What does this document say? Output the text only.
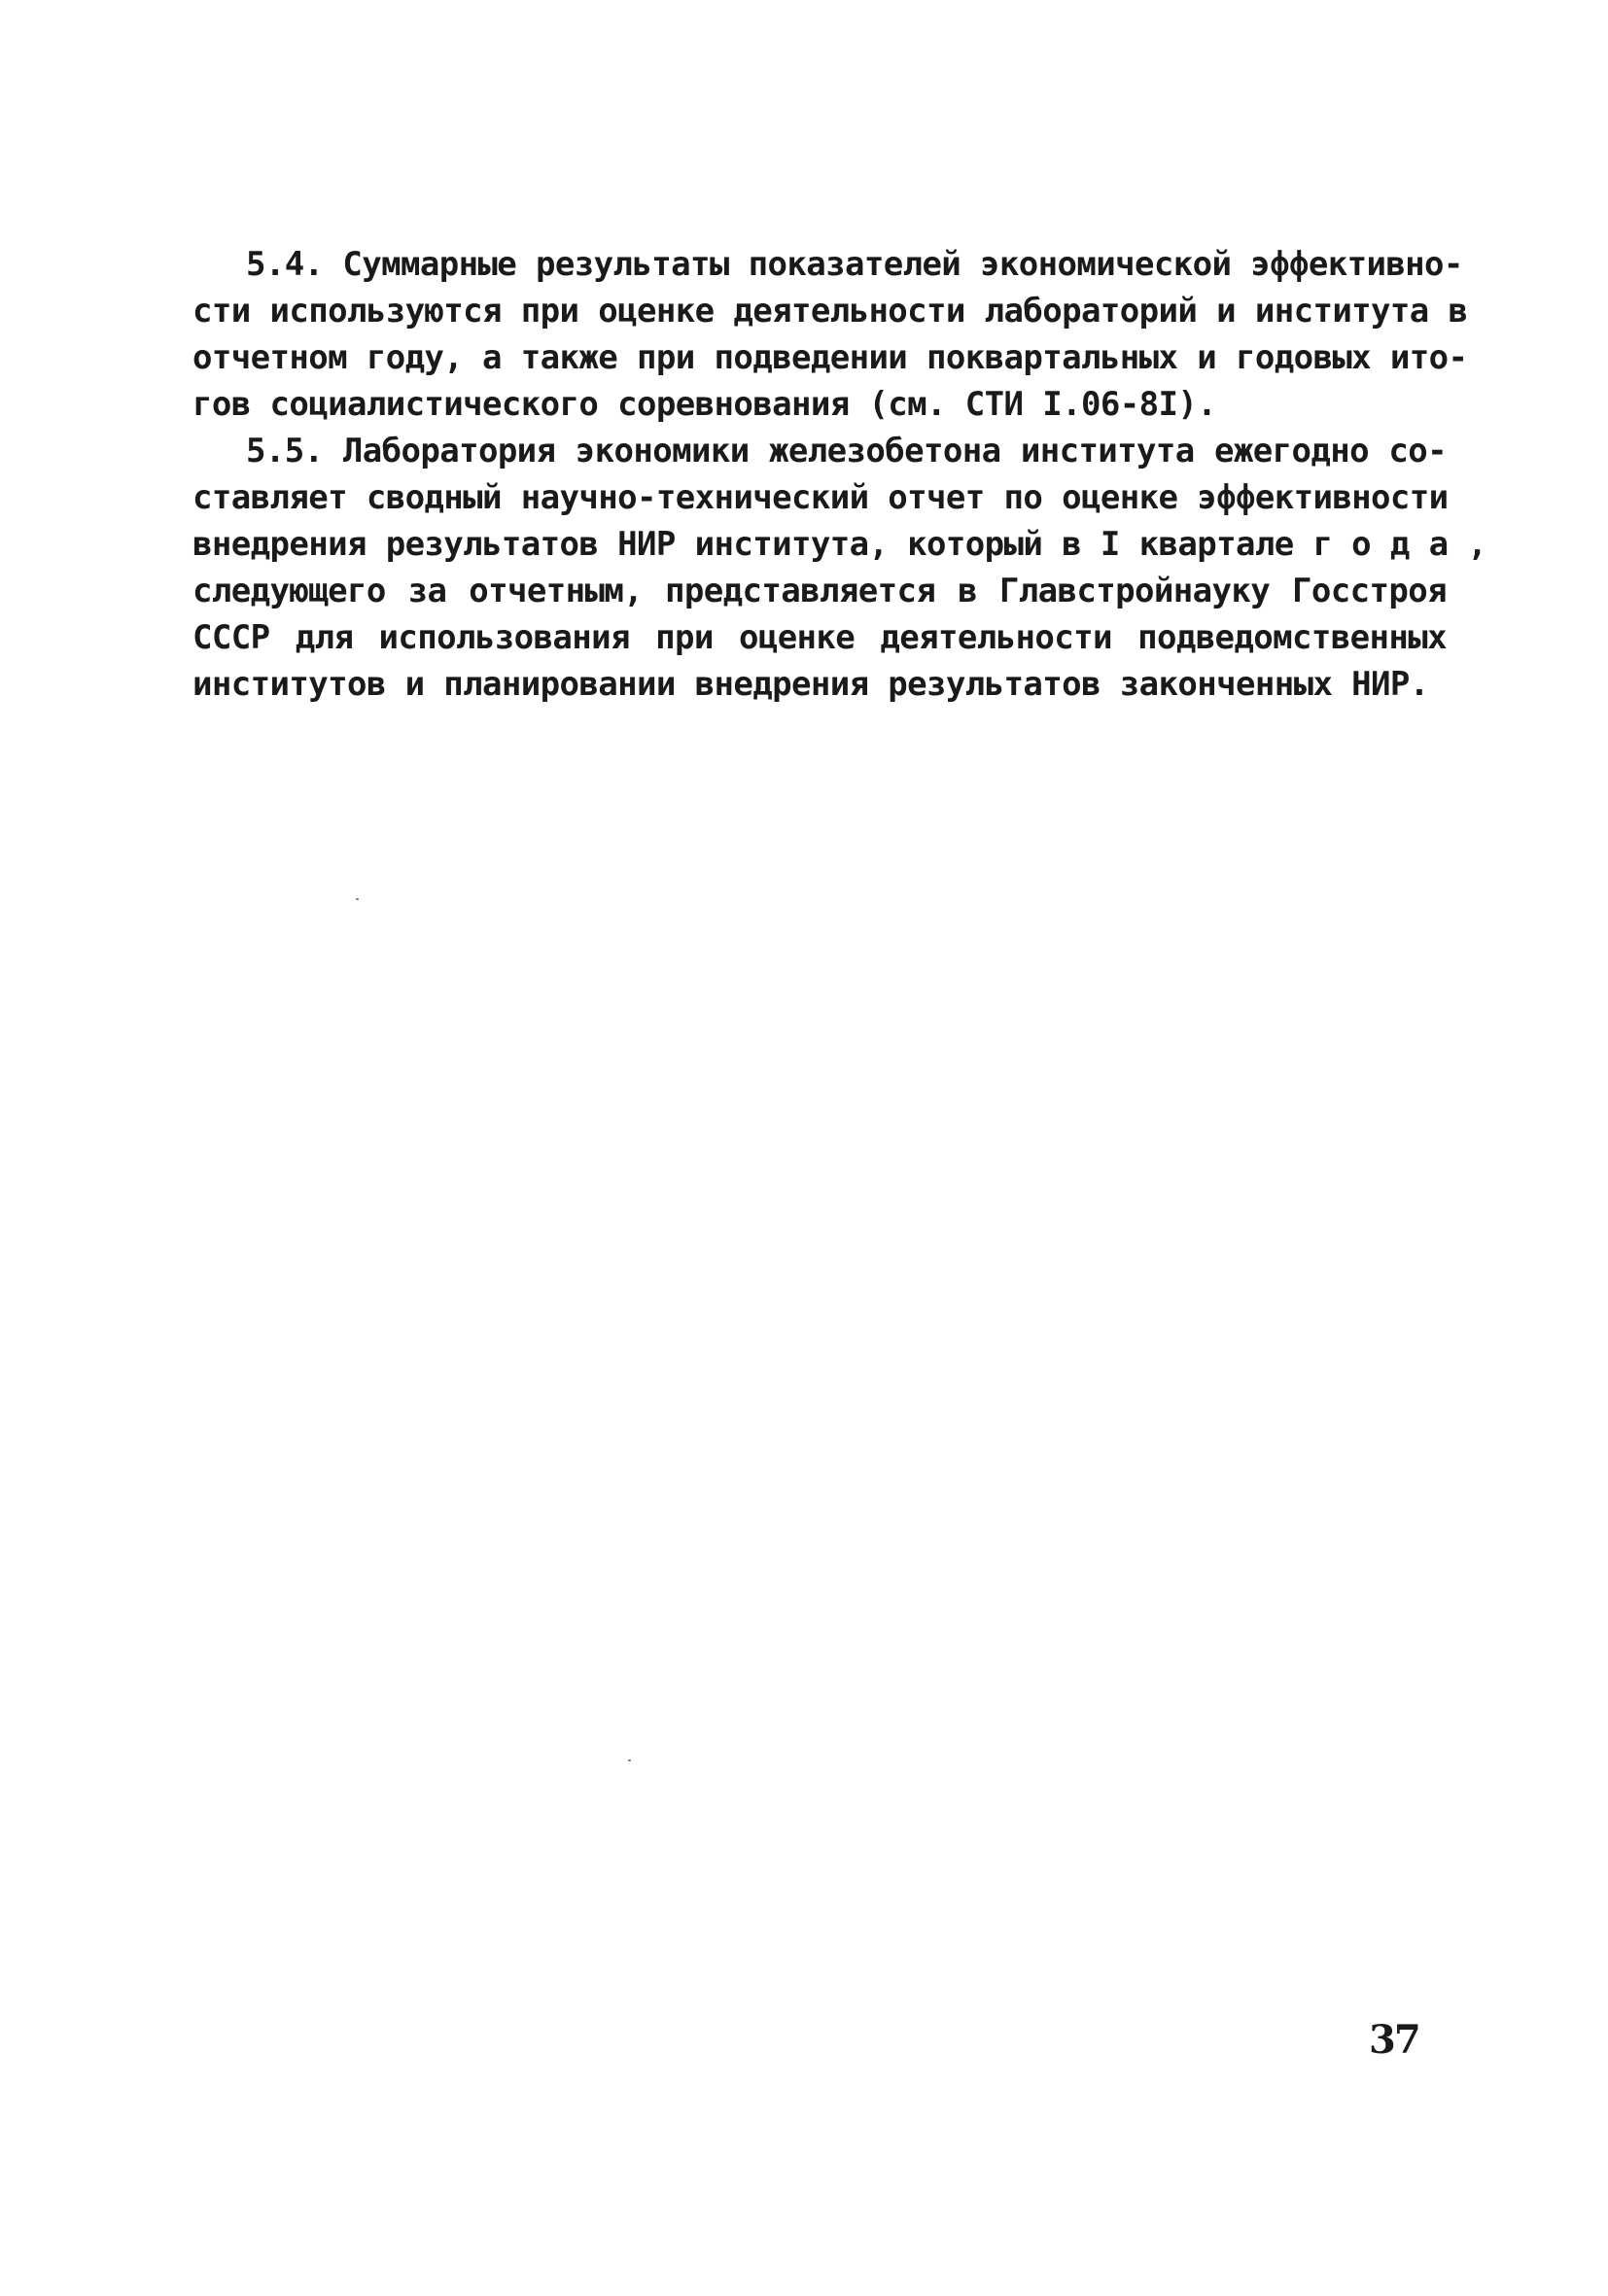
5.4. Суммарные результаты показателей экономической эффективно-
сти используются при оценке деятельности лабораторий и института в
отчетном году, а также при подведении поквартальных и годовых ито-
гов социалистического соревнования (см. СТИ I.06-8I).
5.5. Лаборатория экономики железобетона института ежегодно со-
ставляет сводный научно-технический отчет по оценке эффективности
внедрения результатов НИР института, который в I квартале г о д а ,
следующего за отчетным, представляется в Главстройнауку Госстроя
СССР для использования при оценке деятельности подведомственных
институтов и планировании внедрения результатов законченных НИР.
37
